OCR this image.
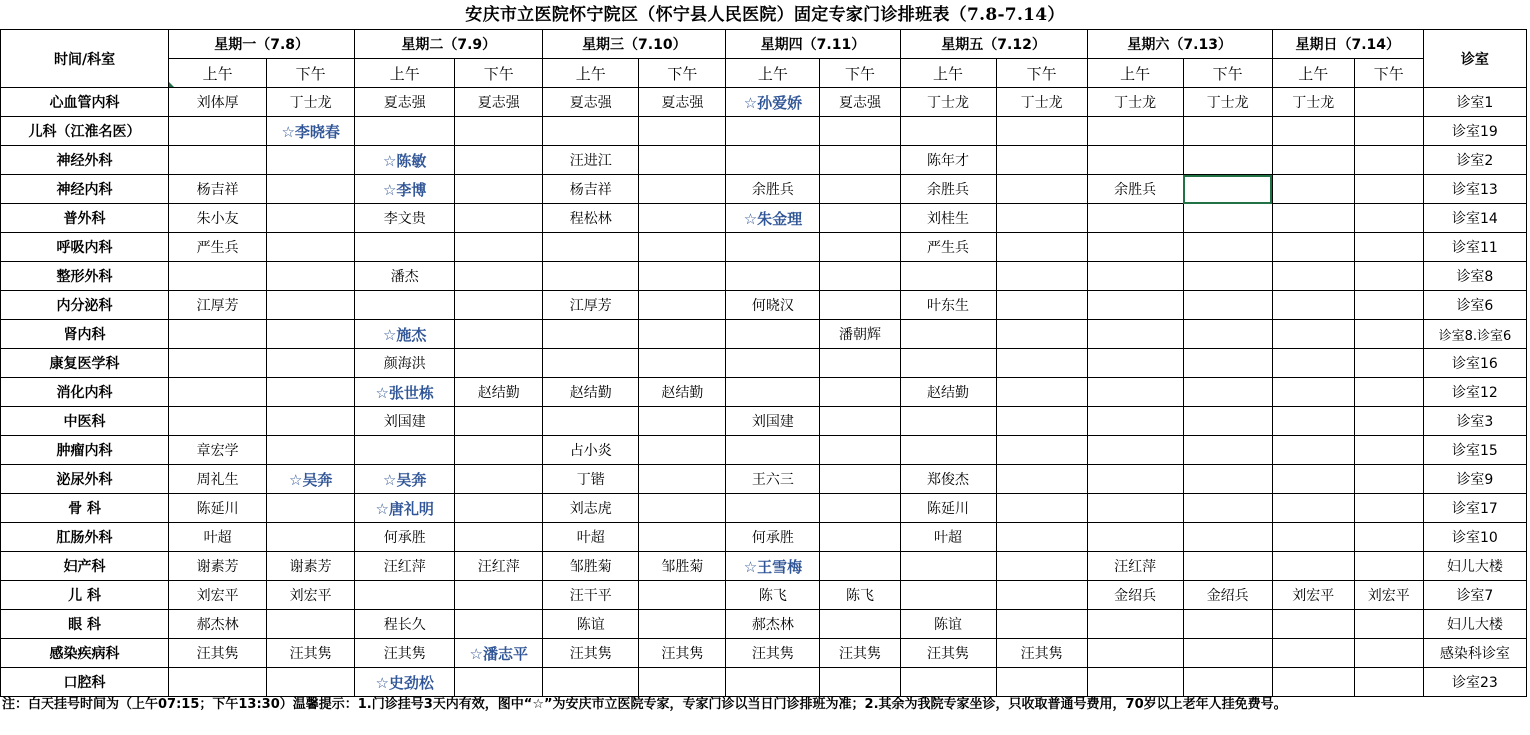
安庆市立医院怀宁院区（怀宁县人民医院）固定专家门诊排班表（7.8-7.14）
时间/科室	星期一（7.8）		星期二（7.9）		星期三（7.10）		星期四（7.11）		星期五（7.12）		星期六（7.13）		星期日（7.14）		诊室
	上午	下午	上午	下午	上午	下午	上午	下午	上午	下午	上午	下午	上午	下午	
心血管内科	刘体厚	丁士龙	夏志强	夏志强	夏志强	夏志强	☆孙爱娇	夏志强	丁士龙	丁士龙	丁士龙	丁士龙	丁士龙		诊室1
儿科（江淮名医）		☆李晓春													诊室19
神经外科			☆陈敏		汪进江				陈年才						诊室2
神经内科	杨吉祥		☆李博		杨吉祥		余胜兵		余胜兵		余胜兵				诊室13
普外科	朱小友		李文贵		程松林		☆朱金理		刘桂生						诊室14
呼吸内科	严生兵								严生兵						诊室11
整形外科			潘杰												诊室8
内分泌科	江厚芳				江厚芳		何晓汉		叶东生						诊室6
肾内科			☆施杰					潘朝辉							诊室8.诊室6
康复医学科			颜海洪												诊室16
消化内科			☆张世栋	赵结勤	赵结勤	赵结勤			赵结勤						诊室12
中医科			刘国建				刘国建								诊室3
肿瘤内科	章宏学				占小炎										诊室15
泌尿外科	周礼生	☆吴奔	☆吴奔		丁锴		王六三		郑俊杰						诊室9
骨 科	陈延川		☆唐礼明		刘志虎				陈延川						诊室17
肛肠外科	叶超		何承胜		叶超		何承胜		叶超						诊室10
妇产科	谢素芳	谢素芳	汪红萍	汪红萍	邹胜菊	邹胜菊	☆王雪梅				汪红萍				妇儿大楼
儿 科	刘宏平	刘宏平			汪干平		陈飞	陈飞			金绍兵	金绍兵	刘宏平	刘宏平	诊室7
眼 科	郝杰林		程长久		陈谊		郝杰林		陈谊						妇儿大楼
感染疾病科	汪其隽	汪其隽	汪其隽	☆潘志平	汪其隽	汪其隽	汪其隽	汪其隽	汪其隽	汪其隽					感染科诊室
口腔科			☆史劲松												诊室23
注：白天挂号时间为（上午07:15；下午13:30）温馨提示：1.门诊挂号3天内有效，图中“☆”为安庆市立医院专家，专家门诊以当日门诊排班为准；2.其余为我院专家坐诊，只收取普通号费用，70岁以上老年人挂免费号。
